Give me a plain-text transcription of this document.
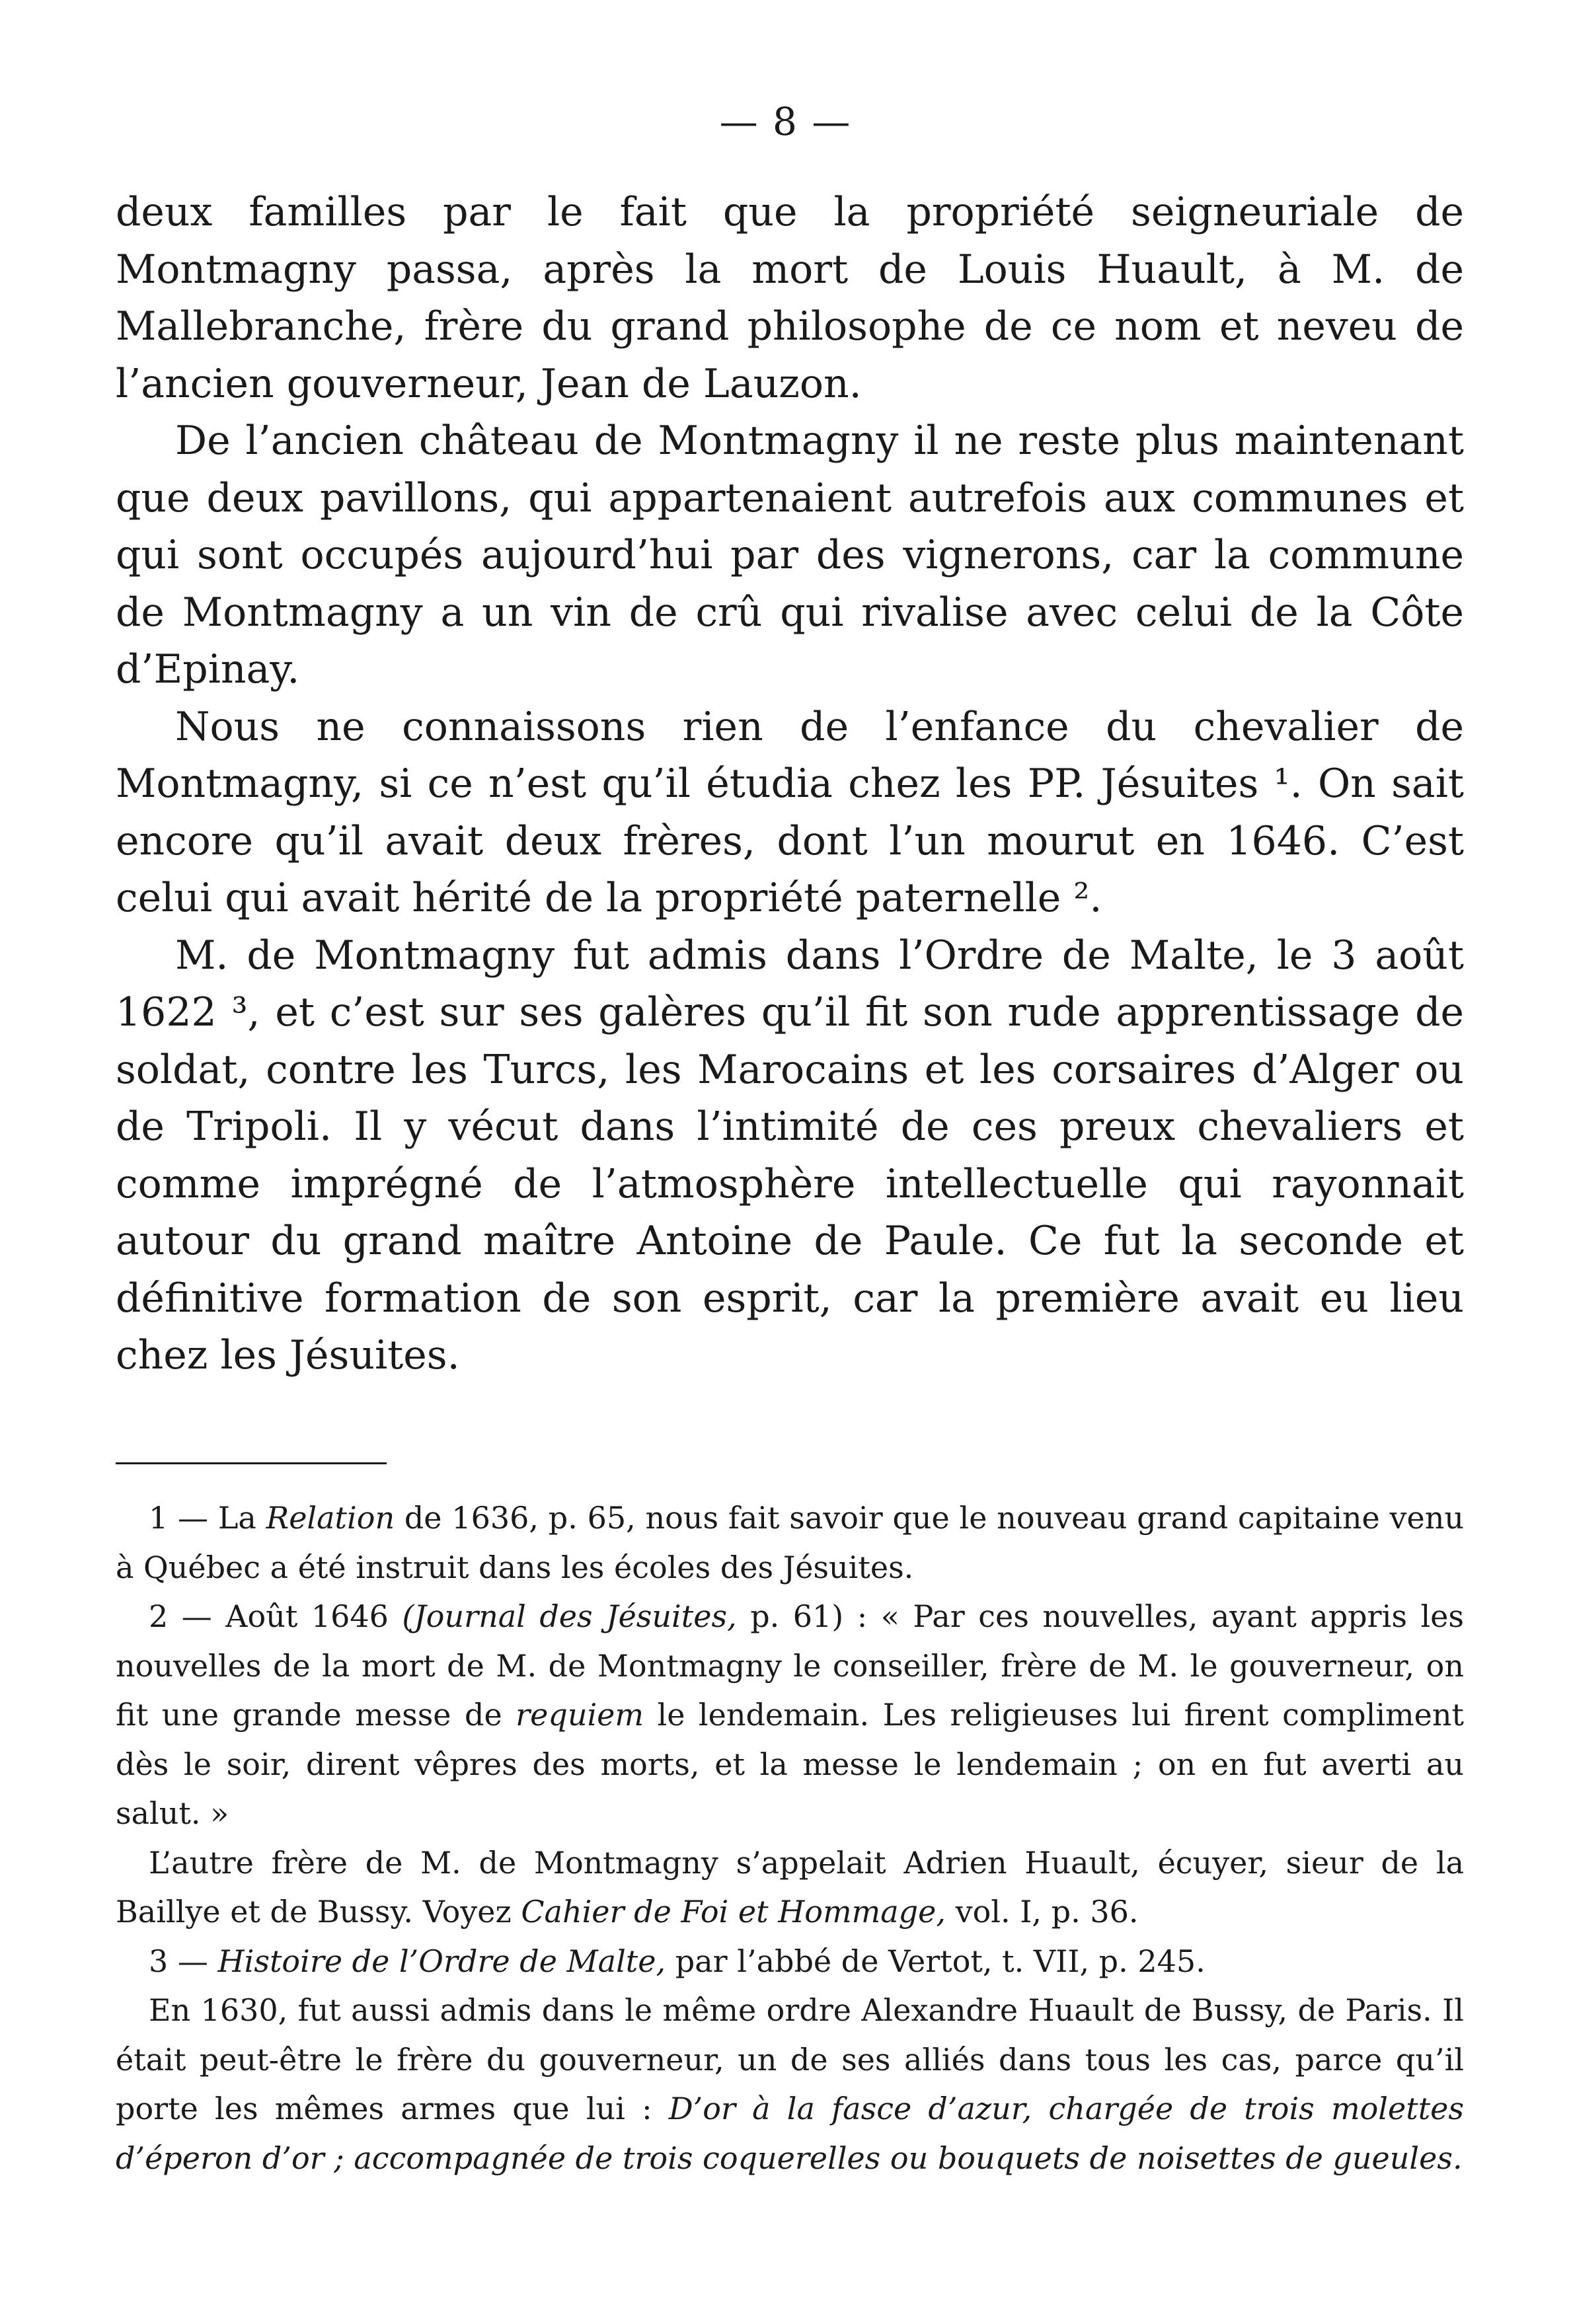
— 8 —

deux familles par le fait que la propriété seigneuriale de Montmagny passa, après la mort de Louis Huault, à M. de Mallebranche, frère du grand philosophe de ce nom et neveu de l’ancien gouverneur, Jean de Lauzon.

De l’ancien château de Montmagny il ne reste plus maintenant que deux pavillons, qui appartenaient autrefois aux communes et qui sont occupés aujourd’hui par des vignerons, car la commune de Montmagny a un vin de crû qui rivalise avec celui de la Côte d’Epinay.

Nous ne connaissons rien de l’enfance du chevalier de Montmagny, si ce n’est qu’il étudia chez les PP. Jésuites ¹. On sait encore qu’il avait deux frères, dont l’un mourut en 1646. C’est celui qui avait hérité de la propriété paternelle ².

M. de Montmagny fut admis dans l’Ordre de Malte, le 3 août 1622 ³, et c’est sur ses galères qu’il fit son rude apprentissage de soldat, contre les Turcs, les Marocains et les corsaires d’Alger ou de Tripoli. Il y vécut dans l’intimité de ces preux chevaliers et comme imprégné de l’atmosphère intellectuelle qui rayonnait autour du grand maître Antoine de Paule. Ce fut la seconde et définitive formation de son esprit, car la première avait eu lieu chez les Jésuites.

1 — La Relation de 1636, p. 65, nous fait savoir que le nouveau grand capitaine venu à Québec a été instruit dans les écoles des Jésuites.

2 — Août 1646 (Journal des Jésuites, p. 61) : « Par ces nouvelles, ayant appris les nouvelles de la mort de M. de Montmagny le conseiller, frère de M. le gouverneur, on fit une grande messe de requiem le lendemain. Les religieuses lui firent compliment dès le soir, dirent vêpres des morts, et la messe le lendemain ; on en fut averti au salut. »

L’autre frère de M. de Montmagny s’appelait Adrien Huault, écuyer, sieur de la Baillye et de Bussy. Voyez Cahier de Foi et Hommage, vol. I, p. 36.

3 — Histoire de l’Ordre de Malte, par l’abbé de Vertot, t. VII, p. 245.

En 1630, fut aussi admis dans le même ordre Alexandre Huault de Bussy, de Paris. Il était peut-être le frère du gouverneur, un de ses alliés dans tous les cas, parce qu’il porte les mêmes armes que lui : D’or à la fasce d’azur, chargée de trois molettes d’éperon d’or ; accompagnée de trois coquerelles ou bouquets de noisettes de gueules.
